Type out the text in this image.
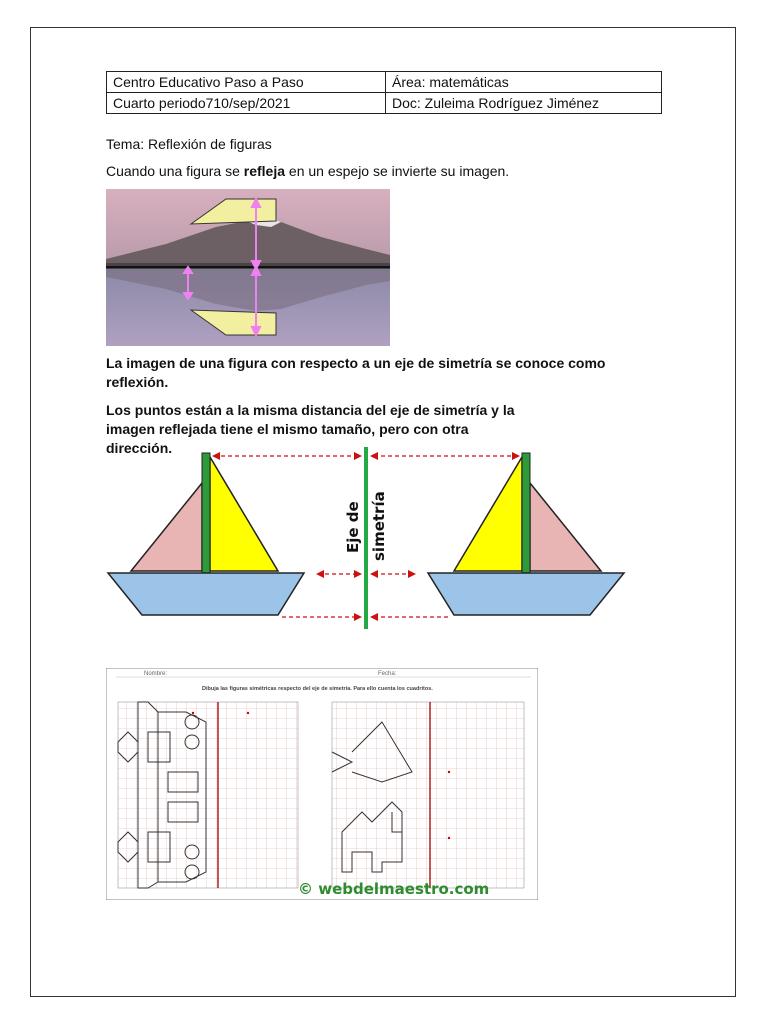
Centro Educativo Paso a Paso	Área: matemáticas
Cuarto periodo710/sep/2021	Doc: Zuleima Rodríguez Jiménez
Tema: Reflexión de figuras
Cuando una figura se refleja en un espejo se invierte su imagen.
La imagen de una figura con respecto a un eje de simetría se conoce como reflexión.
Los puntos están a la misma distancia del eje de simetría y la imagen reflejada tiene el mismo tamaño, pero con otra dirección.
Eje de simetría
Nombre:	Fecha:
Dibuja las figuras simétricas respecto del eje de simetría. Para ello cuenta los cuadritos.
© webdelmaestro.com
